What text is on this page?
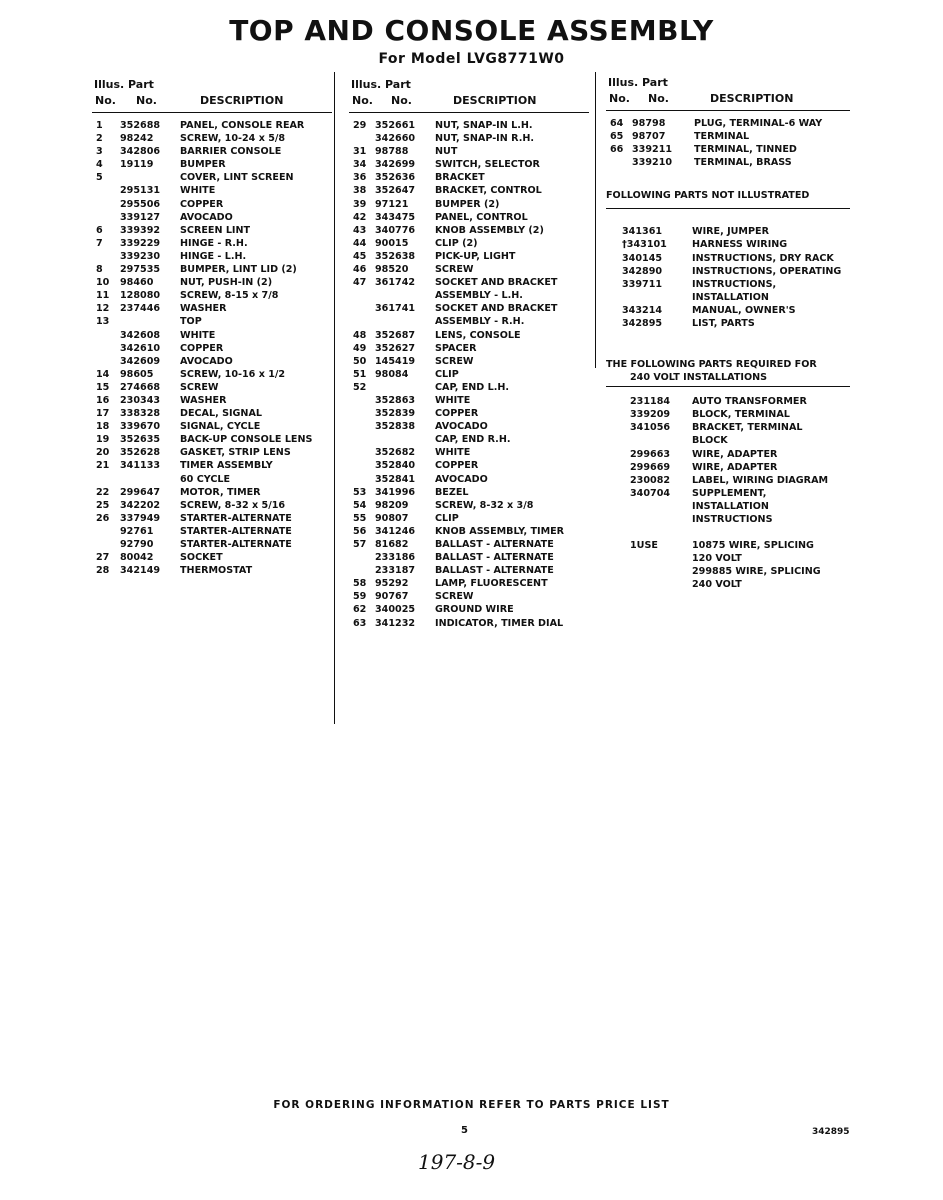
TOP AND CONSOLE ASSEMBLY
For Model LVG8771W0
Illus. Part
No. No.	DESCRIPTION
1 352688 PANEL, CONSOLE REAR
2 98242	SCREW, 10-24 x 5/8
3 342806 BARRIER CONSOLE
4 19119	BUMPER
5	COVER, LINT SCREEN
295131 WHITE
295506 COPPER
339127 AVOCADO
6 339392 SCREEN LINT
7 339229 HINGE - R.H.
339230 HINGE - L.H.
8 297535 BUMPER, LINT LID (2)
10 98460	NUT, PUSH-IN (2)
11 128080 SCREW, 8-15 x 7/8
12 237446 WASHER
13	TOP
342608 WHITE
342610 COPPER
342609 AVOCADO
14 98605	SCREW, 10-16 x 1/2
15 274668 SCREW
16 230343 WASHER
17 338328 DECAL, SIGNAL
18 339670 SIGNAL, CYCLE
19 352635 BACK-UP CONSOLE LENS
20 352628 GASKET, STRIP LENS
21 341133 TIMER ASSEMBLY
60 CYCLE
22 299647 MOTOR, TIMER
25 342202 SCREW, 8-32 x 5/16
26 337949 STARTER-ALTERNATE
92761	STARTER-ALTERNATE
92790	STARTER-ALTERNATE
27 80042	SOCKET
28 342149 THERMOSTAT
Illus. Part
No. No.	DESCRIPTION
29 352661 NUT, SNAP-IN L.H.
342660 NUT, SNAP-IN R.H.
31 98788	NUT
34 342699 SWITCH, SELECTOR
36 352636 BRACKET
38 352647 BRACKET, CONTROL
39 97121	BUMPER (2)
42 343475 PANEL, CONTROL
43 340776 KNOB ASSEMBLY (2)
44 90015	CLIP (2)
45 352638 PICK-UP, LIGHT
46 98520	SCREW
47 361742 SOCKET AND BRACKET
ASSEMBLY - L.H.
361741 SOCKET AND BRACKET
ASSEMBLY - R.H.
48 352687 LENS, CONSOLE
49 352627 SPACER
50 145419 SCREW
51 98084	CLIP
52	CAP, END L.H.
352863 WHITE
352839 COPPER
352838 AVOCADO
CAP, END R.H.
352682 WHITE
352840 COPPER
352841 AVOCADO
53 341996 BEZEL
54 98209	SCREW, 8-32 x 3/8
55 90807	CLIP
56 341246 KNOB ASSEMBLY, TIMER
57 81682	BALLAST - ALTERNATE
233186 BALLAST - ALTERNATE
233187 BALLAST - ALTERNATE
58 95292	LAMP, FLUORESCENT
59 90767	SCREW
62 340025 GROUND WIRE
63 341232 INDICATOR, TIMER DIAL
Illus. Part
No. No.	DESCRIPTION
64 98798	PLUG, TERMINAL-6 WAY
65 98707	TERMINAL
66 339211 TERMINAL, TINNED
339210 TERMINAL, BRASS
FOLLOWING PARTS NOT ILLUSTRATED
341361	WIRE, JUMPER
†343101	HARNESS WIRING
340145	INSTRUCTIONS, DRY RACK
342890	INSTRUCTIONS, OPERATING
339711	INSTRUCTIONS,
INSTALLATION
343214	MANUAL, OWNER'S
342895	LIST, PARTS
THE FOLLOWING PARTS REQUIRED FOR
240 VOLT INSTALLATIONS
231184 AUTO TRANSFORMER
339209 BLOCK, TERMINAL
341056 BRACKET, TERMINAL
BLOCK
299663 WIRE, ADAPTER
299669 WIRE, ADAPTER
230082 LABEL, WIRING DIAGRAM
340704 SUPPLEMENT,
INSTALLATION
INSTRUCTIONS
1USE	10875 WIRE, SPLICING
120 VOLT
299885 WIRE, SPLICING
240 VOLT
FOR ORDERING INFORMATION REFER TO PARTS PRICE LIST
5	342895
197-8-9
